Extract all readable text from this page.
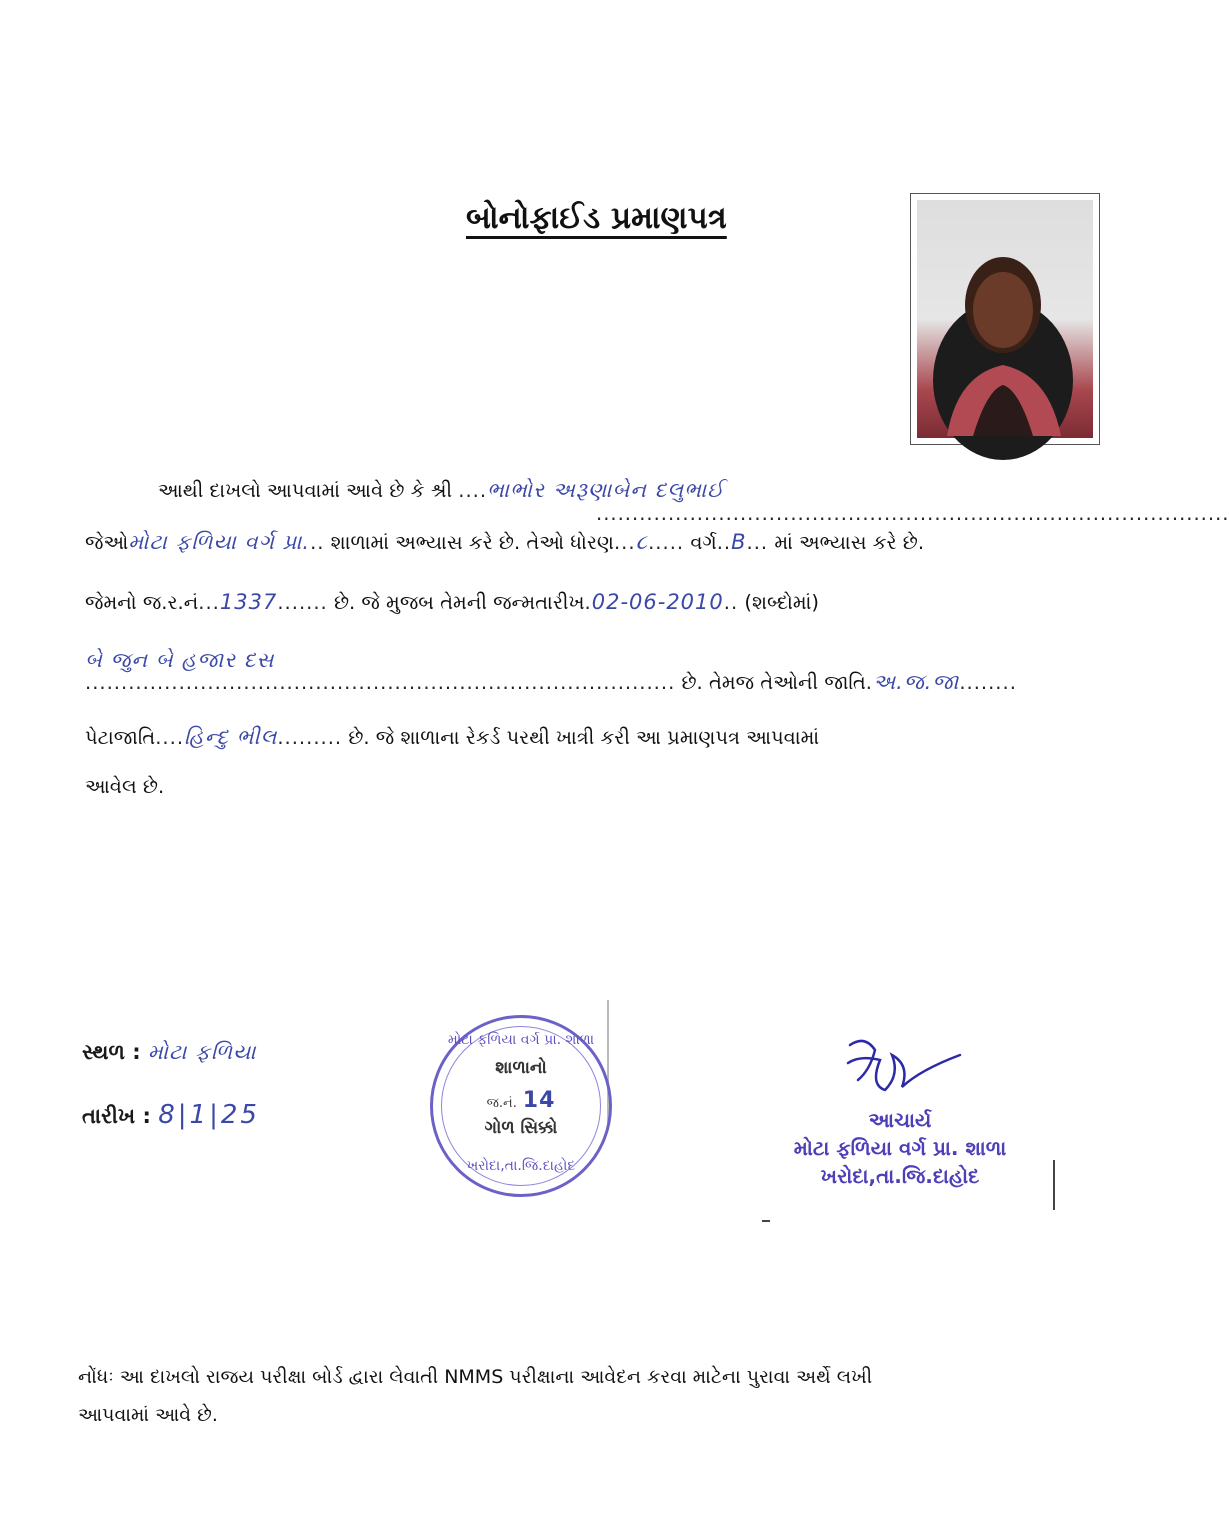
બોનોફાઈડ પ્રમાણપત્ર
આથી દાખલો આપવામાં આવે છે કે શ્રી ....ભાભોર અરૂણાબેન દલુભાઈ
........................................................................................
જેઓમોટા ફળિયા વર્ગ પ્રા... શાળામાં અભ્યાસ કરે છે. તેઓ ધોરણ...૮..... વર્ગ..B... માં અભ્યાસ કરે છે.
જેમનો જ.ર.નં...1337....... છે. જે મુજબ તેમની જન્મતારીખ.02-06-2010.. (શબ્દોમાં)
બે જુન બે હજાર દસ
.................................................................................. છે. તેમજ તેઓની જાતિ.અ.જ.જા........
પેટાજાતિ....હિન્દુ ભીલ......... છે. જે શાળાના રેકર્ડ પરથી ખાત્રી કરી આ પ્રમાણપત્ર આપવામાં
આવેલ છે.
સ્થળ : મોટા ફળિયા
તારીખ : 8|1|25
મોટા ફળિયા વર્ગ પ્રા. શાળા
શાળાનો
જ.નં. 14
ગોળ સિક્કો
ખરોદા,તા.જિ.દાહોદ
આચાર્ય
મોટા ફળિયા વર્ગ પ્રા. શાળા
ખરોદા,તા.જિ.દાહોદ
નોંધઃ આ દાખલો રાજય પરીક્ષા બોર્ડ દ્વારા લેવાતી NMMS પરીક્ષાના આવેદન કરવા માટેના પુરાવા અર્થે લખી
આપવામાં આવે છે.
